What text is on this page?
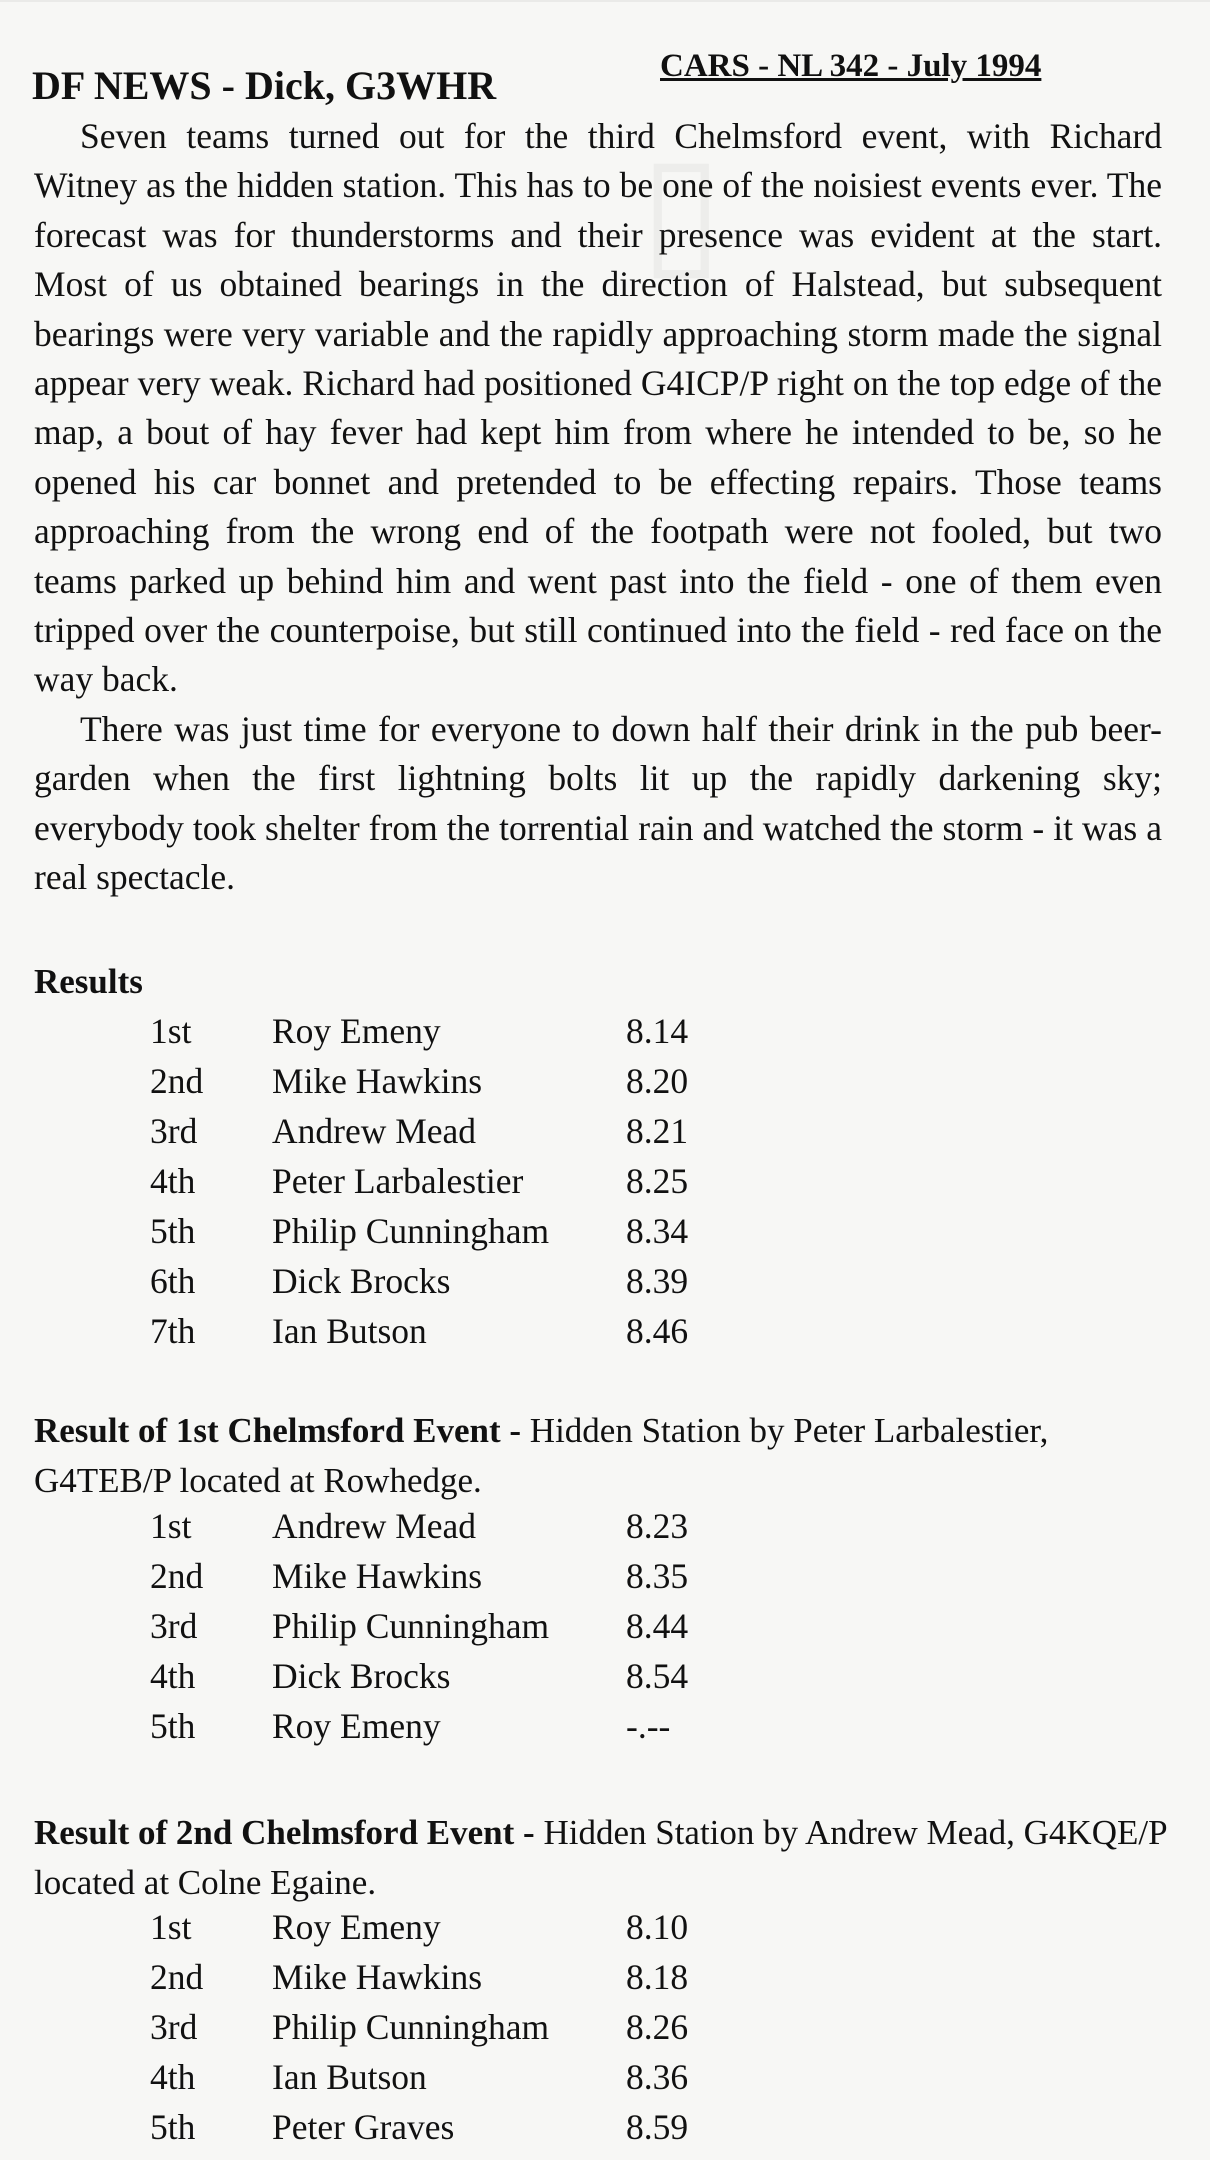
CARS - NL 342 - July 1994
DF NEWS - Dick, G3WHR

Seven teams turned out for the third Chelmsford event, with Richard Witney as the hidden station. This has to be one of the noisiest events ever. The forecast was for thunderstorms and their presence was evident at the start. Most of us obtained bearings in the direction of Halstead, but subsequent bearings were very variable and the rapidly approaching storm made the signal appear very weak. Richard had positioned G4ICP/P right on the top edge of the map, a bout of hay fever had kept him from where he intended to be, so he opened his car bonnet and pretended to be effecting repairs. Those teams approaching from the wrong end of the footpath were not fooled, but two teams parked up behind him and went past into the field - one of them even tripped over the counterpoise, but still continued into the field - red face on the way back.

There was just time for everyone to down half their drink in the pub beer-garden when the first lightning bolts lit up the rapidly darkening sky; everybody took shelter from the torrential rain and watched the storm - it was a real spectacle.

Results
1st Roy Emeny	8.14
2nd Mike Hawkins	8.20
3rd Andrew Mead	8.21
4th Peter Larbalestier	8.25
5th Philip Cunningham 8.34
6th Dick Brocks	8.39
7th Ian Butson	8.46
Result of 1st Chelmsford Event - Hidden Station by Peter Larbalestier, G4TEB/P located at Rowhedge.
1st Andrew Mead	8.23
2nd Mike Hawkins	8.35
3rd Philip Cunningham 8.44
4th Dick Brocks	8.54
5th Roy Emeny	-.--
Result of 2nd Chelmsford Event - Hidden Station by Andrew Mead, G4KQE/P located at Colne Egaine.
1st Roy Emeny	8.10
2nd Mike Hawkins	8.18
3rd Philip Cunningham 8.26
4th Ian Butson	8.36
5th Peter Graves	8.59
